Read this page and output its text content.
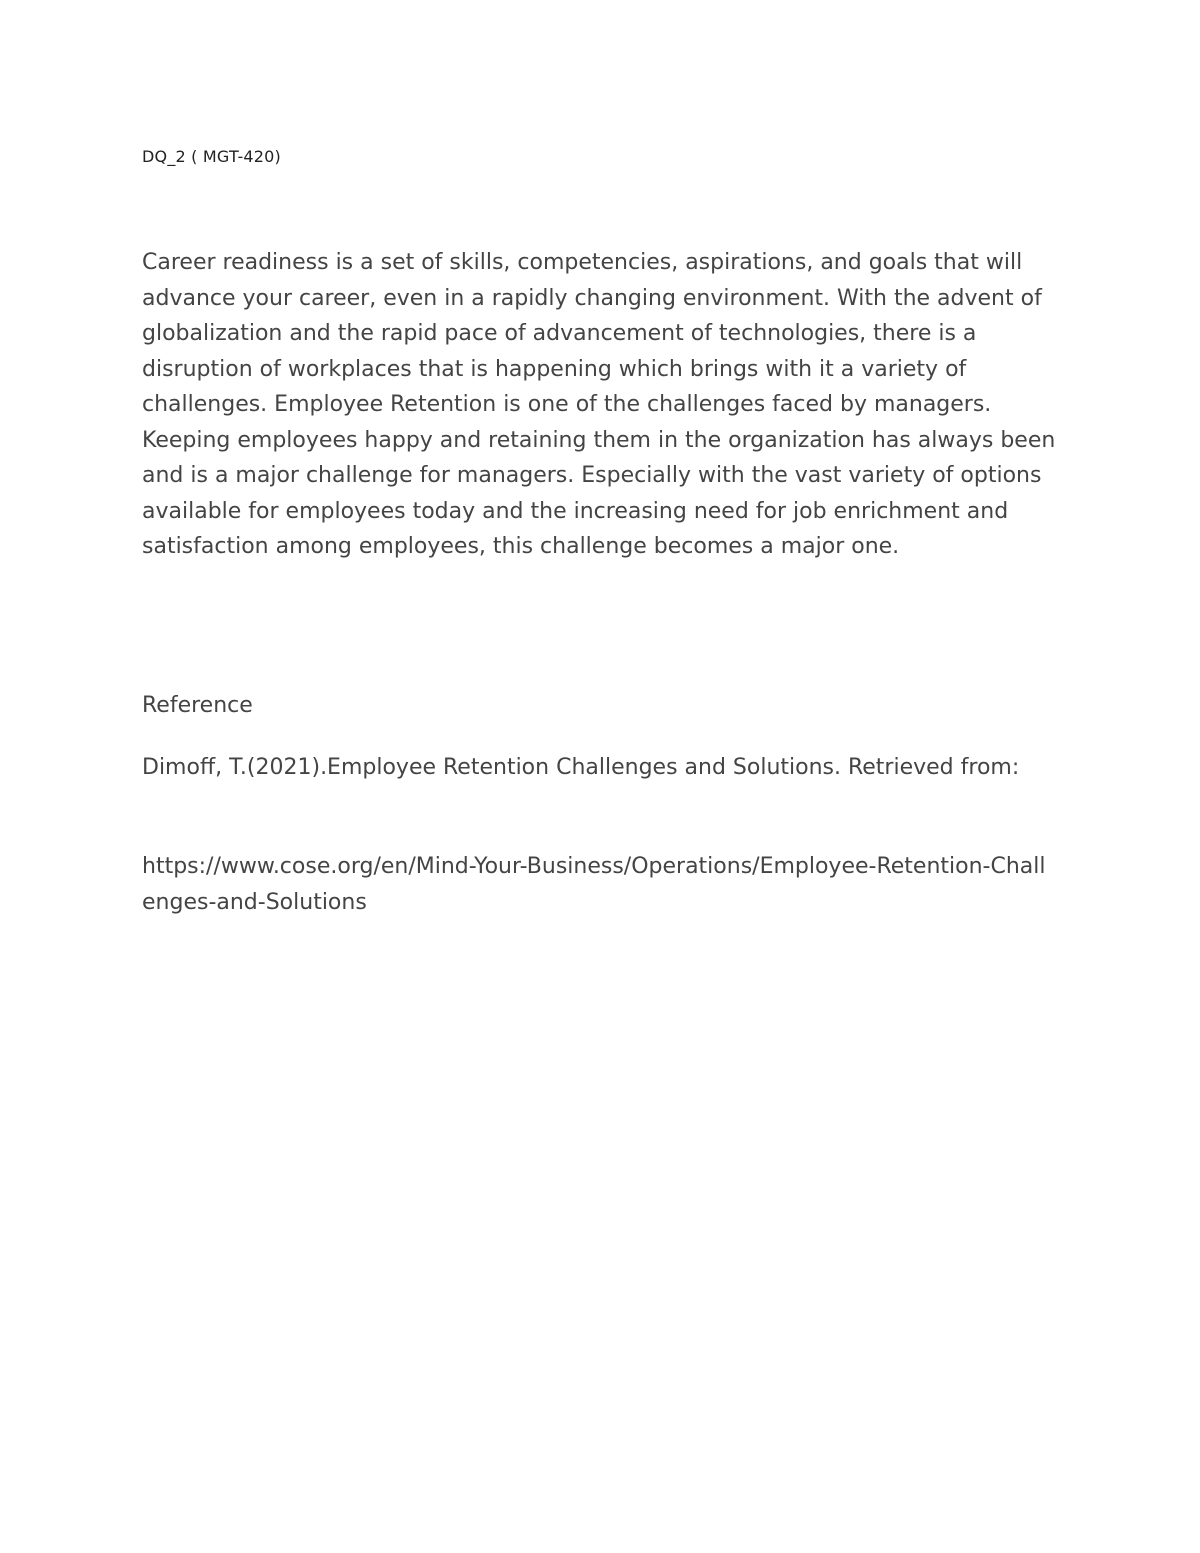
DQ_2 ( MGT-420)
Career readiness is a set of skills, competencies, aspirations, and goals that will advance your career, even in a rapidly changing environment. With the advent of globalization and the rapid pace of advancement of technologies, there is a disruption of workplaces that is happening which brings with it a variety of challenges. Employee Retention is one of the challenges faced by managers. Keeping employees happy and retaining them in the organization has always been and is a major challenge for managers. Especially with the vast variety of options available for employees today and the increasing need for job enrichment and satisfaction among employees, this challenge becomes a major one.
Reference
Dimoff, T.(2021).Employee Retention Challenges and Solutions. Retrieved from:
https://www.cose.org/en/Mind-Your-Business/Operations/Employee-Retention-Challenges-and-Solutions
